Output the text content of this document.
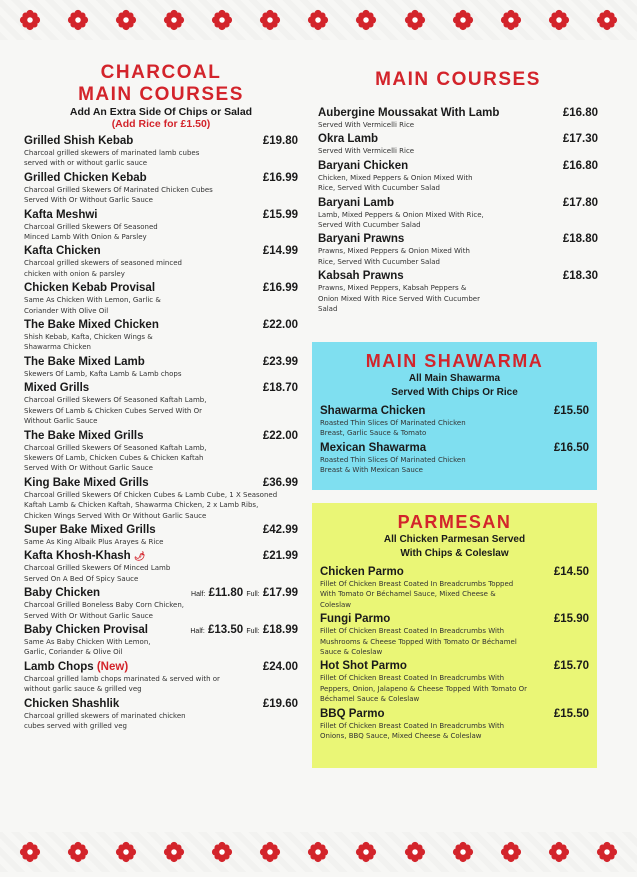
CHARCOAL
MAIN COURSES
Add An Extra Side Of Chips or Salad
(Add Rice for £1.50)
Grilled Shish Kebab	£19.80
Charcoal grilled skewers of marinated lamb cubes served with or without garlic sauce
Grilled Chicken Kebab	£16.99
Charcoal Grilled Skewers Of Marinated Chicken Cubes Served With Or Without Garlic Sauce
Kafta Meshwi	£15.99
Charcoal Grilled Skewers Of Seasoned Minced Lamb With Onion & Parsley
Kafta Chicken	£14.99
Charcoal grilled skewers of seasoned minced chicken with onion & parsley
Chicken Kebab Provisal	£16.99
Same As Chicken With Lemon, Garlic & Coriander With Olive Oil
The Bake Mixed Chicken	£22.00
Shish Kebab, Kafta, Chicken Wings & Shawarma Chicken
The Bake Mixed Lamb	£23.99
Skewers Of Lamb, Kafta Lamb & Lamb chops
Mixed Grills	£18.70
Charcoal Grilled Skewers Of Seasoned Kaftah Lamb, Skewers Of Lamb & Chicken Cubes Served With Or Without Garlic Sauce
The Bake Mixed Grills	£22.00
Charcoal Grilled Skewers Of Seasoned Kaftah Lamb, Skewers Of Lamb, Chicken Cubes & Chicken Kaftah Served With Or Without Garlic Sauce
King Bake Mixed Grills	£36.99
Charcoal Grilled Skewers Of Chicken Cubes & Lamb Cube, 1 X Seasoned Kaftah Lamb & Chicken Kaftah, Shawarma Chicken, 2 x Lamb Ribs, Chicken Wings Served With Or Without Garlic Sauce
Super Bake Mixed Grills	£42.99
Same As King Albaik Plus Arayes & Rice
Kafta Khosh-Khash 🌶	£21.99
Charcoal Grilled Skewers Of Minced Lamb Served On A Bed Of Spicy Sauce
Baby Chicken	Half: £11.80 Full: £17.99
Charcoal Grilled Boneless Baby Corn Chicken, Served With Or Without Garlic Sauce
Baby Chicken Provisal	Half: £13.50 Full: £18.99
Same As Baby Chicken With Lemon, Garlic, Coriander & Olive Oil
Lamb Chops (New)	£24.00
Charcoal grilled lamb chops marinated & served with or without garlic sauce & grilled veg
Chicken Shashlik	£19.60
Charcoal grilled skewers of marinated chicken cubes served with grilled veg
MAIN COURSES
Aubergine Moussakat With Lamb	£16.80
Served With Vermicelli Rice
Okra Lamb	£17.30
Served With Vermicelli Rice
Baryani Chicken	£16.80
Chicken, Mixed Peppers & Onion Mixed With Rice, Served With Cucumber Salad
Baryani Lamb	£17.80
Lamb, Mixed Peppers & Onion Mixed With Rice, Served With Cucumber Salad
Baryani Prawns	£18.80
Prawns, Mixed Peppers & Onion Mixed With Rice, Served With Cucumber Salad
Kabsah Prawns	£18.30
Prawns, Mixed Peppers, Kabsah Peppers & Onion Mixed With Rice Served With Cucumber Salad
MAIN SHAWARMA
All Main Shawarma
Served With Chips Or Rice
Shawarma Chicken	£15.50
Roasted Thin Slices Of Marinated Chicken Breast, Garlic Sauce & Tomato
Mexican Shawarma	£16.50
Roasted Thin Slices Of Marinated Chicken Breast & With Mexican Sauce
PARMESAN
All Chicken Parmesan Served
With Chips & Coleslaw
Chicken Parmo	£14.50
Fillet Of Chicken Breast Coated In Breadcrumbs Topped With Tomato Or Béchamel Sauce, Mixed Cheese & Coleslaw
Fungi Parmo	£15.90
Fillet Of Chicken Breast Coated In Breadcrumbs With Mushrooms & Cheese Topped With Tomato Or Béchamel Sauce & Coleslaw
Hot Shot Parmo	£15.70
Fillet Of Chicken Breast Coated In Breadcrumbs With Peppers, Onion, Jalapeno & Cheese Topped With Tomato Or Béchamel Sauce & Coleslaw
BBQ Parmo	£15.50
Fillet Of Chicken Breast Coated In Breadcrumbs With Onions, BBQ Sauce, Mixed Cheese & Coleslaw
